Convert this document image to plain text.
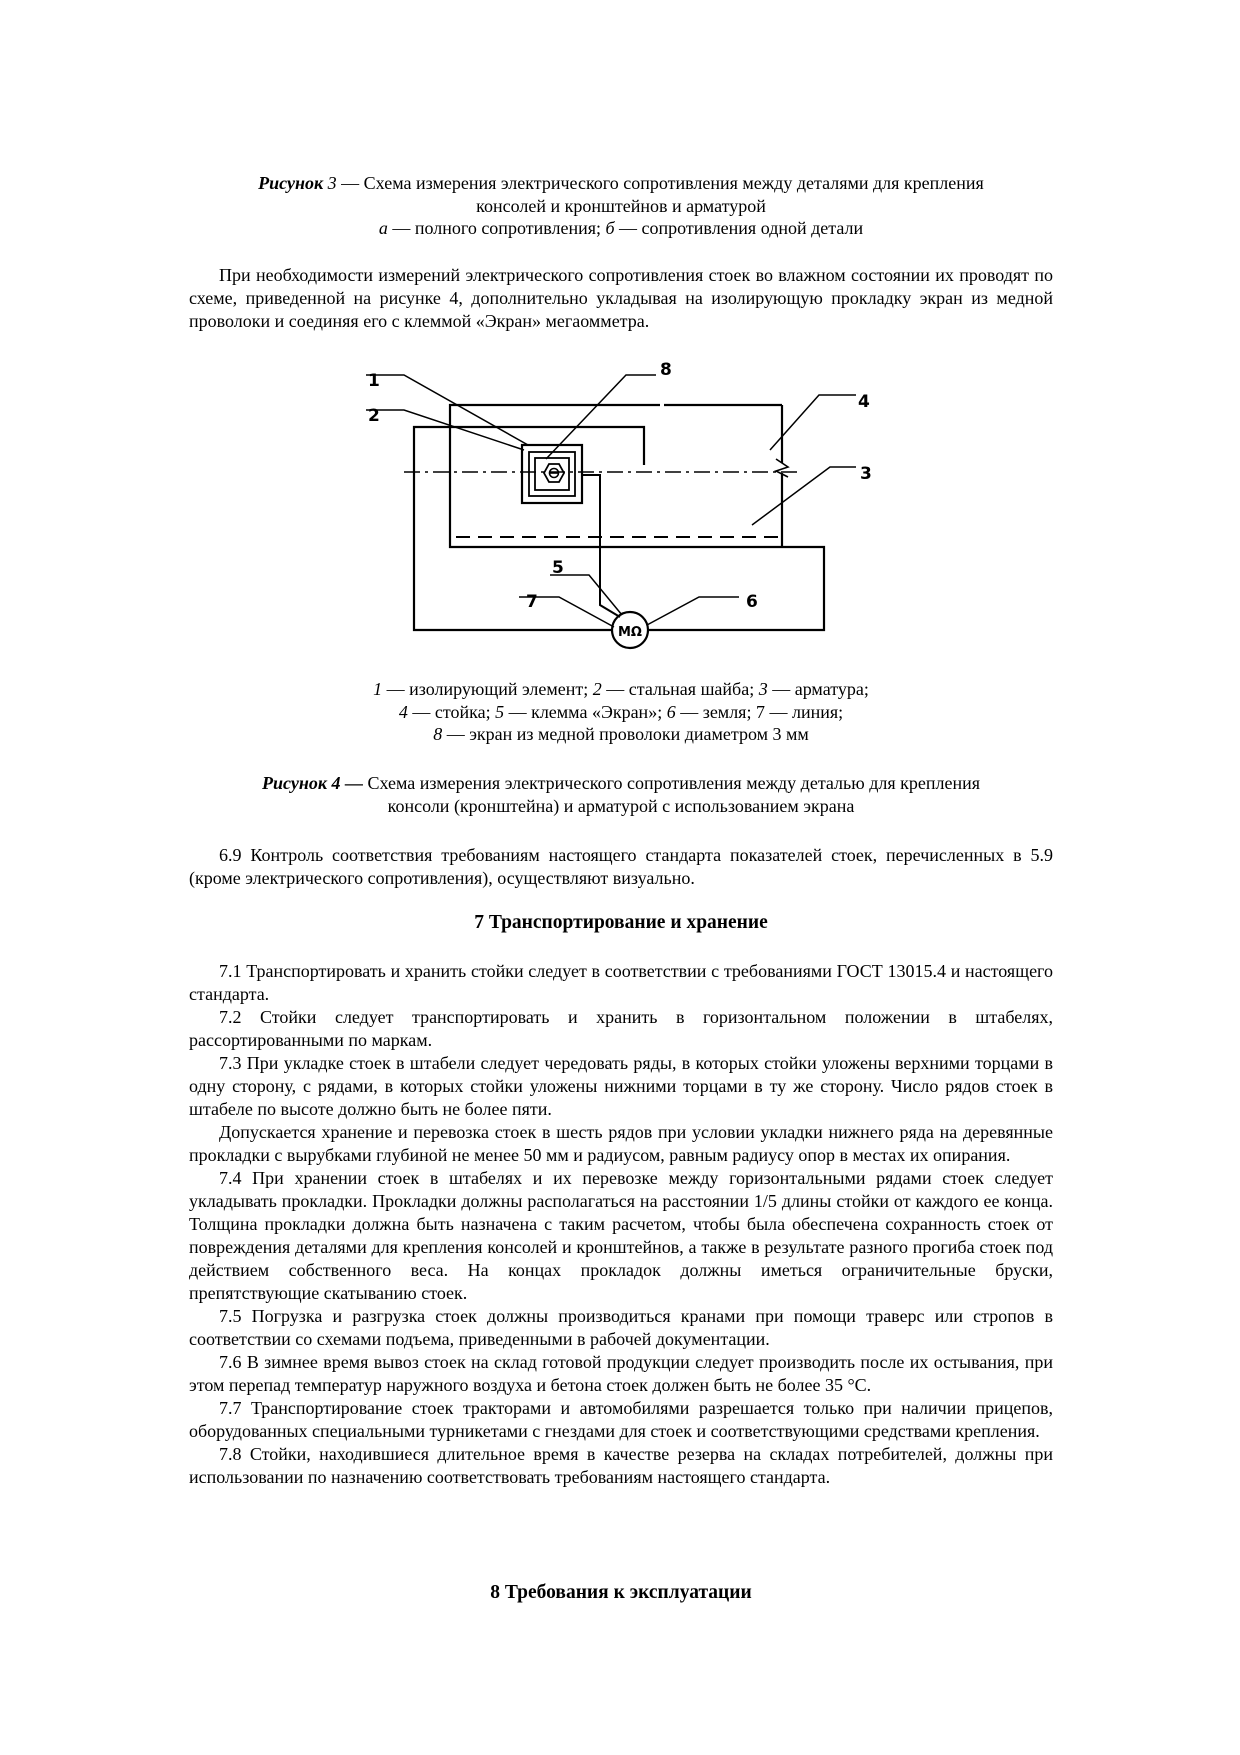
Рисунок 3 — Схема измерения электрического сопротивления между деталями для крепления
консолей и кронштейнов и арматурой
а — полного сопротивления; б — сопротивления одной детали

При необходимости измерений электрического сопротивления стоек во влажном состоянии их проводят по схеме, приведенной на рисунке 4, дополнительно укладывая на изолирующую прокладку экран из медной проволоки и соединяя его с клеммой «Экран» мегаомметра.

1
2
3
4
5
6
7
8
МΩ
1 — изолирующий элемент; 2 — стальная шайба; 3 — арматура;
4 — стойка; 5 — клемма «Экран»; 6 — земля; 7 — линия;
8 — экран из медной проволоки диаметром 3 мм
Рисунок 4 — Схема измерения электрического сопротивления между деталью для крепления
консоли (кронштейна) и арматурой с использованием экрана

6.9 Контроль соответствия требованиям настоящего стандарта показателей стоек, перечисленных в 5.9 (кроме электрического сопротивления), осуществляют визуально.

7 Транспортирование и хранение

7.1 Транспортировать и хранить стойки следует в соответствии с требованиями ГОСТ 13015.4 и настоящего стандарта.

7.2 Стойки следует транспортировать и хранить в горизонтальном положении в штабелях, рассортированными по маркам.

7.3 При укладке стоек в штабели следует чередовать ряды, в которых стойки уложены верхними торцами в одну сторону, с рядами, в которых стойки уложены нижними торцами в ту же сторону. Число рядов стоек в штабеле по высоте должно быть не более пяти.

Допускается хранение и перевозка стоек в шесть рядов при условии укладки нижнего ряда на деревянные прокладки с вырубками глубиной не менее 50 мм и радиусом, равным радиусу опор в местах их опирания.

7.4 При хранении стоек в штабелях и их перевозке между горизонтальными рядами стоек следует укладывать прокладки. Прокладки должны располагаться на расстоянии 1/5 длины стойки от каждого ее конца. Толщина прокладки должна быть назначена с таким расчетом, чтобы была обеспечена сохранность стоек от повреждения деталями для крепления консолей и кронштейнов, а также в результате разного прогиба стоек под действием собственного веса. На концах прокладок должны иметься ограничительные бруски, препятствующие скатыванию стоек.

7.5 Погрузка и разгрузка стоек должны производиться кранами при помощи траверс или стропов в соответствии со схемами подъема, приведенными в рабочей документации.

7.6 В зимнее время вывоз стоек на склад готовой продукции следует производить после их остывания, при этом перепад температур наружного воздуха и бетона стоек должен быть не более 35 °С.

7.7 Транспортирование стоек тракторами и автомобилями разрешается только при наличии прицепов, оборудованных специальными турникетами с гнездами для стоек и соответствующими средствами крепления.

7.8 Стойки, находившиеся длительное время в качестве резерва на складах потребителей, должны при использовании по назначению соответствовать требованиям настоящего стандарта.

8 Требования к эксплуатации
